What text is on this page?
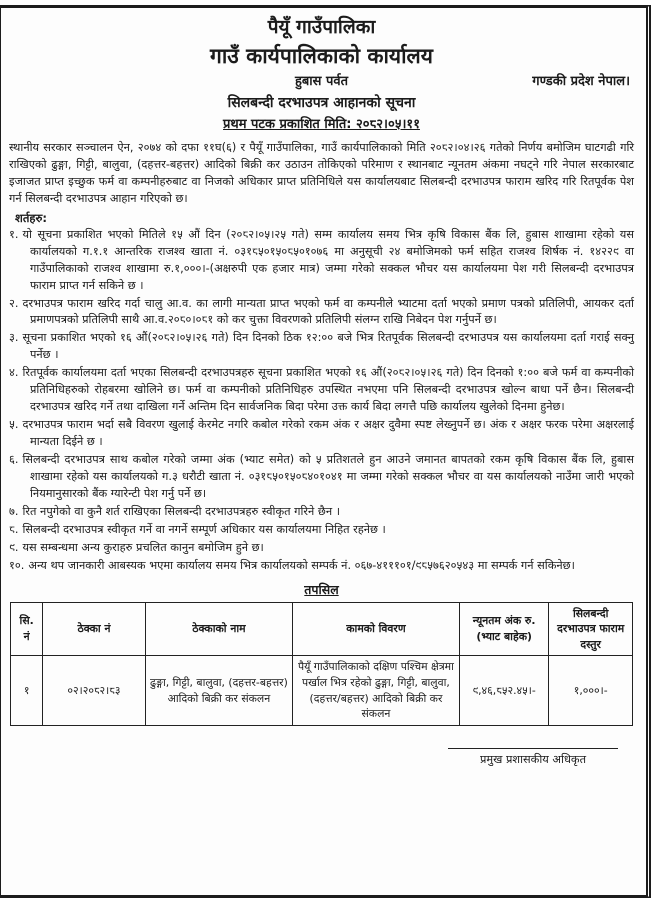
पैयूँ गाउँपालिका
गाउँ कार्यपालिकाको कार्यालय
हुबास पर्वत	गण्डकी प्रदेश नेपाल।
सिलबन्दी दरभाउपत्र आहानको सूचना
प्रथम पटक प्रकाशित मिति: २०८२।०५।११

स्थानीय सरकार सञ्चालन ऐन, २०७४ को दफा ११घ(६) र पैयूँ गाउँपालिका, गाउँ कार्यपालिकाको मिति २०८२।०४।२६ गतेको निर्णय बमोजिम घाटगढी गरि राखिएको ढुङ्गा, गिट्टी, बालुवा, (दहत्तर-बहत्तर) आदिको बिक्री कर उठाउन तोकिएको परिमाण र स्थानबाट न्यूनतम अंकमा नघट्ने गरि नेपाल सरकारबाट इजाजत प्राप्त इच्छुक फर्म वा कम्पनीहरुबाट वा निजको अधिकार प्राप्त प्रतिनिधिले यस कार्यालयबाट सिलबन्दी दरभाउपत्र फाराम खरिद गरि रितपूर्वक पेश गर्न सिलबन्दी दरभाउपत्र आहान गरिएको छ।

शर्तहरु:
१. यो सूचना प्रकाशित भएको मितिले १५ औं दिन (२०८२।०५।२५ गते) सम्म कार्यालय समय भित्र कृषि विकास बैंक लि, हुबास शाखामा रहेको यस कार्यालयको ग.१.१ आन्तरिक राजश्व खाता नं. ०३१८५०१५०८५०१०७६ मा अनुसूची २४ बमोजिमको फर्म सहित राजश्व शिर्षक नं. १४२२९ वा गाउँपालिकाको राजश्व शाखामा रु.१,०००।-(अक्षरुपी एक हजार मात्र) जम्मा गरेको सक्कल भौचर यस कार्यालयमा पेश गरी सिलबन्दी दरभाउपत्र फाराम प्राप्त गर्न सकिने छ ।
२. दरभाउपत्र फाराम खरिद गर्दा चालु आ.व. का लागी मान्यता प्राप्त भएको फर्म वा कम्पनीले भ्याटमा दर्ता भएको प्रमाण पत्रको प्रतिलिपी, आयकर दर्ता प्रमाणपत्रको प्रतिलिपी साथै आ.व.२०८०।०८१ को कर चुक्ता विवरणको प्रतिलिपी संलग्न राखि निबेदन पेश गर्नुपर्ने छ।
३. सूचना प्रकाशित भएको १६ औं(२०८२।०५।२६ गते) दिन दिनको ठिक १२:०० बजे भित्र रितपूर्वक सिलबन्दी दरभाउपत्र यस कार्यालयमा दर्ता गराई सक्नु पर्नेछ ।
४. रितपूर्वक कार्यालयमा दर्ता भएका सिलबन्दी दरभाउपत्रहरु सूचना प्रकाशित भएको १६ औं(२०८२।०५।२६ गते) दिन दिनको १:०० बजे फर्म वा कम्पनीको प्रतिनिधिहरुको रोहबरमा खोलिने छ। फर्म वा कम्पनीको प्रतिनिधिहरु उपस्थित नभएमा पनि सिलबन्दी दरभाउपत्र खोल्न बाधा पर्ने छैन। सिलबन्दी दरभाउपत्र खरिद गर्ने तथा दाखिला गर्ने अन्तिम दिन सार्वजनिक बिदा परेमा उक्त कार्य बिदा लगत्तै पछि कार्यालय खुलेको दिनमा हुनेछ।
५. दरभाउपत्र फाराम भर्दा सबै विवरण खुलाई केरमेट नगरि कबोल गरेको रकम अंक र अक्षर दुवैमा स्पष्ट लेख्नुपर्ने छ। अंक र अक्षर फरक परेमा अक्षरलाई मान्यता दिईने छ ।
६. सिलबन्दी दरभाउपत्र साथ कबोल गरेको जम्मा अंक (भ्याट समेत) को ५ प्रतिशतले हुन आउने जमानत बापतको रकम कृषि विकास बैंक लि, हुबास शाखामा रहेको यस कार्यालयको ग.३ धरौटी खाता नं. ०३१८५०१५०८४०१०४१ मा जम्मा गरेको सक्कल भौचर वा यस कार्यालयको नाउँमा जारी भएको नियमानुसारको बैंक ग्यारेन्टी पेश गर्नु पर्ने छ।
७. रित नपुगेको वा कुनै शर्त राखिएका सिलबन्दी दरभाउपत्रहरु स्वीकृत गरिने छैन ।
८. सिलबन्दी दरभाउपत्र स्वीकृत गर्ने वा नगर्ने सम्पूर्ण अधिकार यस कार्यालयमा निहित रहनेछ ।
९. यस सम्बन्धमा अन्य कुराहरु प्रचलित कानुन बमोजिम हुने छ।
१०. अन्य थप जानकारी आबस्यक भएमा कार्यालय समय भित्र कार्यालयको सम्पर्क नं. ०६७-४१११०१/९८५७६२०५४३ मा सम्पर्क गर्न सकिनेछ।
तपसिल
सि. नं	ठेक्का नं	ठेक्काको नाम	कामको विवरण	न्यूनतम अंक रु. (भ्याट बाहेक)	सिलबन्दी दरभाउपत्र फाराम दस्तुर
१	०२।२०८२।८३	ढुङ्गा, गिट्टी, बालुवा, (दहत्तर-बहत्तर) आदिको बिक्री कर संकलन	पैयूँ गाउँपालिकाको दक्षिण पश्चिम क्षेत्रमा पर्खाल भित्र रहेको ढुङ्गा, गिट्टी, बालुवा, (दहत्तर/बहत्तर) आदिको बिक्री कर संकलन	९,४६,८५२.४५।-	१,०००।-
प्रमुख प्रशासकीय अधिकृत
